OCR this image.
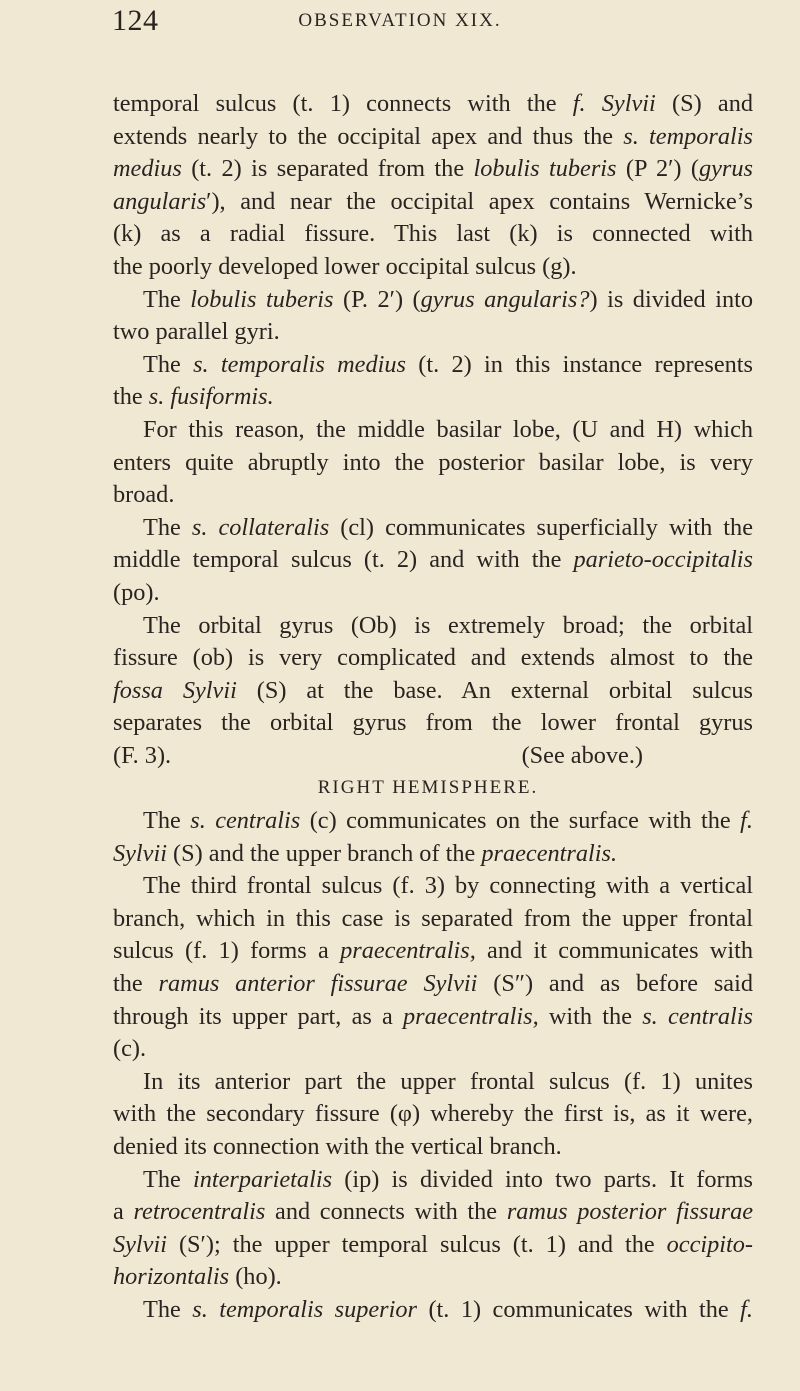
124	OBSERVATION XIX.
temporal sulcus (t. 1) connects with the f. Sylvii (S) and
extends nearly to the occipital apex and thus the s. temporalis
medius (t. 2) is separated from the lobulis tuberis (P 2′) (gyrus
angularis′), and near the occipital apex contains Wernicke’s
(k) as a radial fissure. This last (k) is connected with
the poorly developed lower occipital sulcus (g).
The lobulis tuberis (P. 2′) (gyrus angularis?) is divided into
two parallel gyri.
The s. temporalis medius (t. 2) in this instance represents
the s. fusiformis.
For this reason, the middle basilar lobe, (U and H) which
enters quite abruptly into the posterior basilar lobe, is very
broad.
The s. collateralis (cl) communicates superficially with the
middle temporal sulcus (t. 2) and with the parieto-occipitalis
(po).
The orbital gyrus (Ob) is extremely broad; the orbital
fissure (ob) is very complicated and extends almost to the
fossa Sylvii (S) at the base. An external orbital sulcus
separates the orbital gyrus from the lower frontal gyrus
(F. 3).	(See above.)
RIGHT HEMISPHERE.
The s. centralis (c) communicates on the surface with the f.
Sylvii (S) and the upper branch of the praecentralis.
The third frontal sulcus (f. 3) by connecting with a vertical
branch, which in this case is separated from the upper frontal
sulcus (f. 1) forms a praecentralis, and it communicates with
the ramus anterior fissurae Sylvii (S″) and as before said
through its upper part, as a praecentralis, with the s. centralis
(c).
In its anterior part the upper frontal sulcus (f. 1) unites
with the secondary fissure (φ) whereby the first is, as it were,
denied its connection with the vertical branch.
The interparietalis (ip) is divided into two parts. It forms
a retrocentralis and connects with the ramus posterior fissurae
Sylvii (S′); the upper temporal sulcus (t. 1) and the occipito-
horizontalis (ho).
The s. temporalis superior (t. 1) communicates with the f.
